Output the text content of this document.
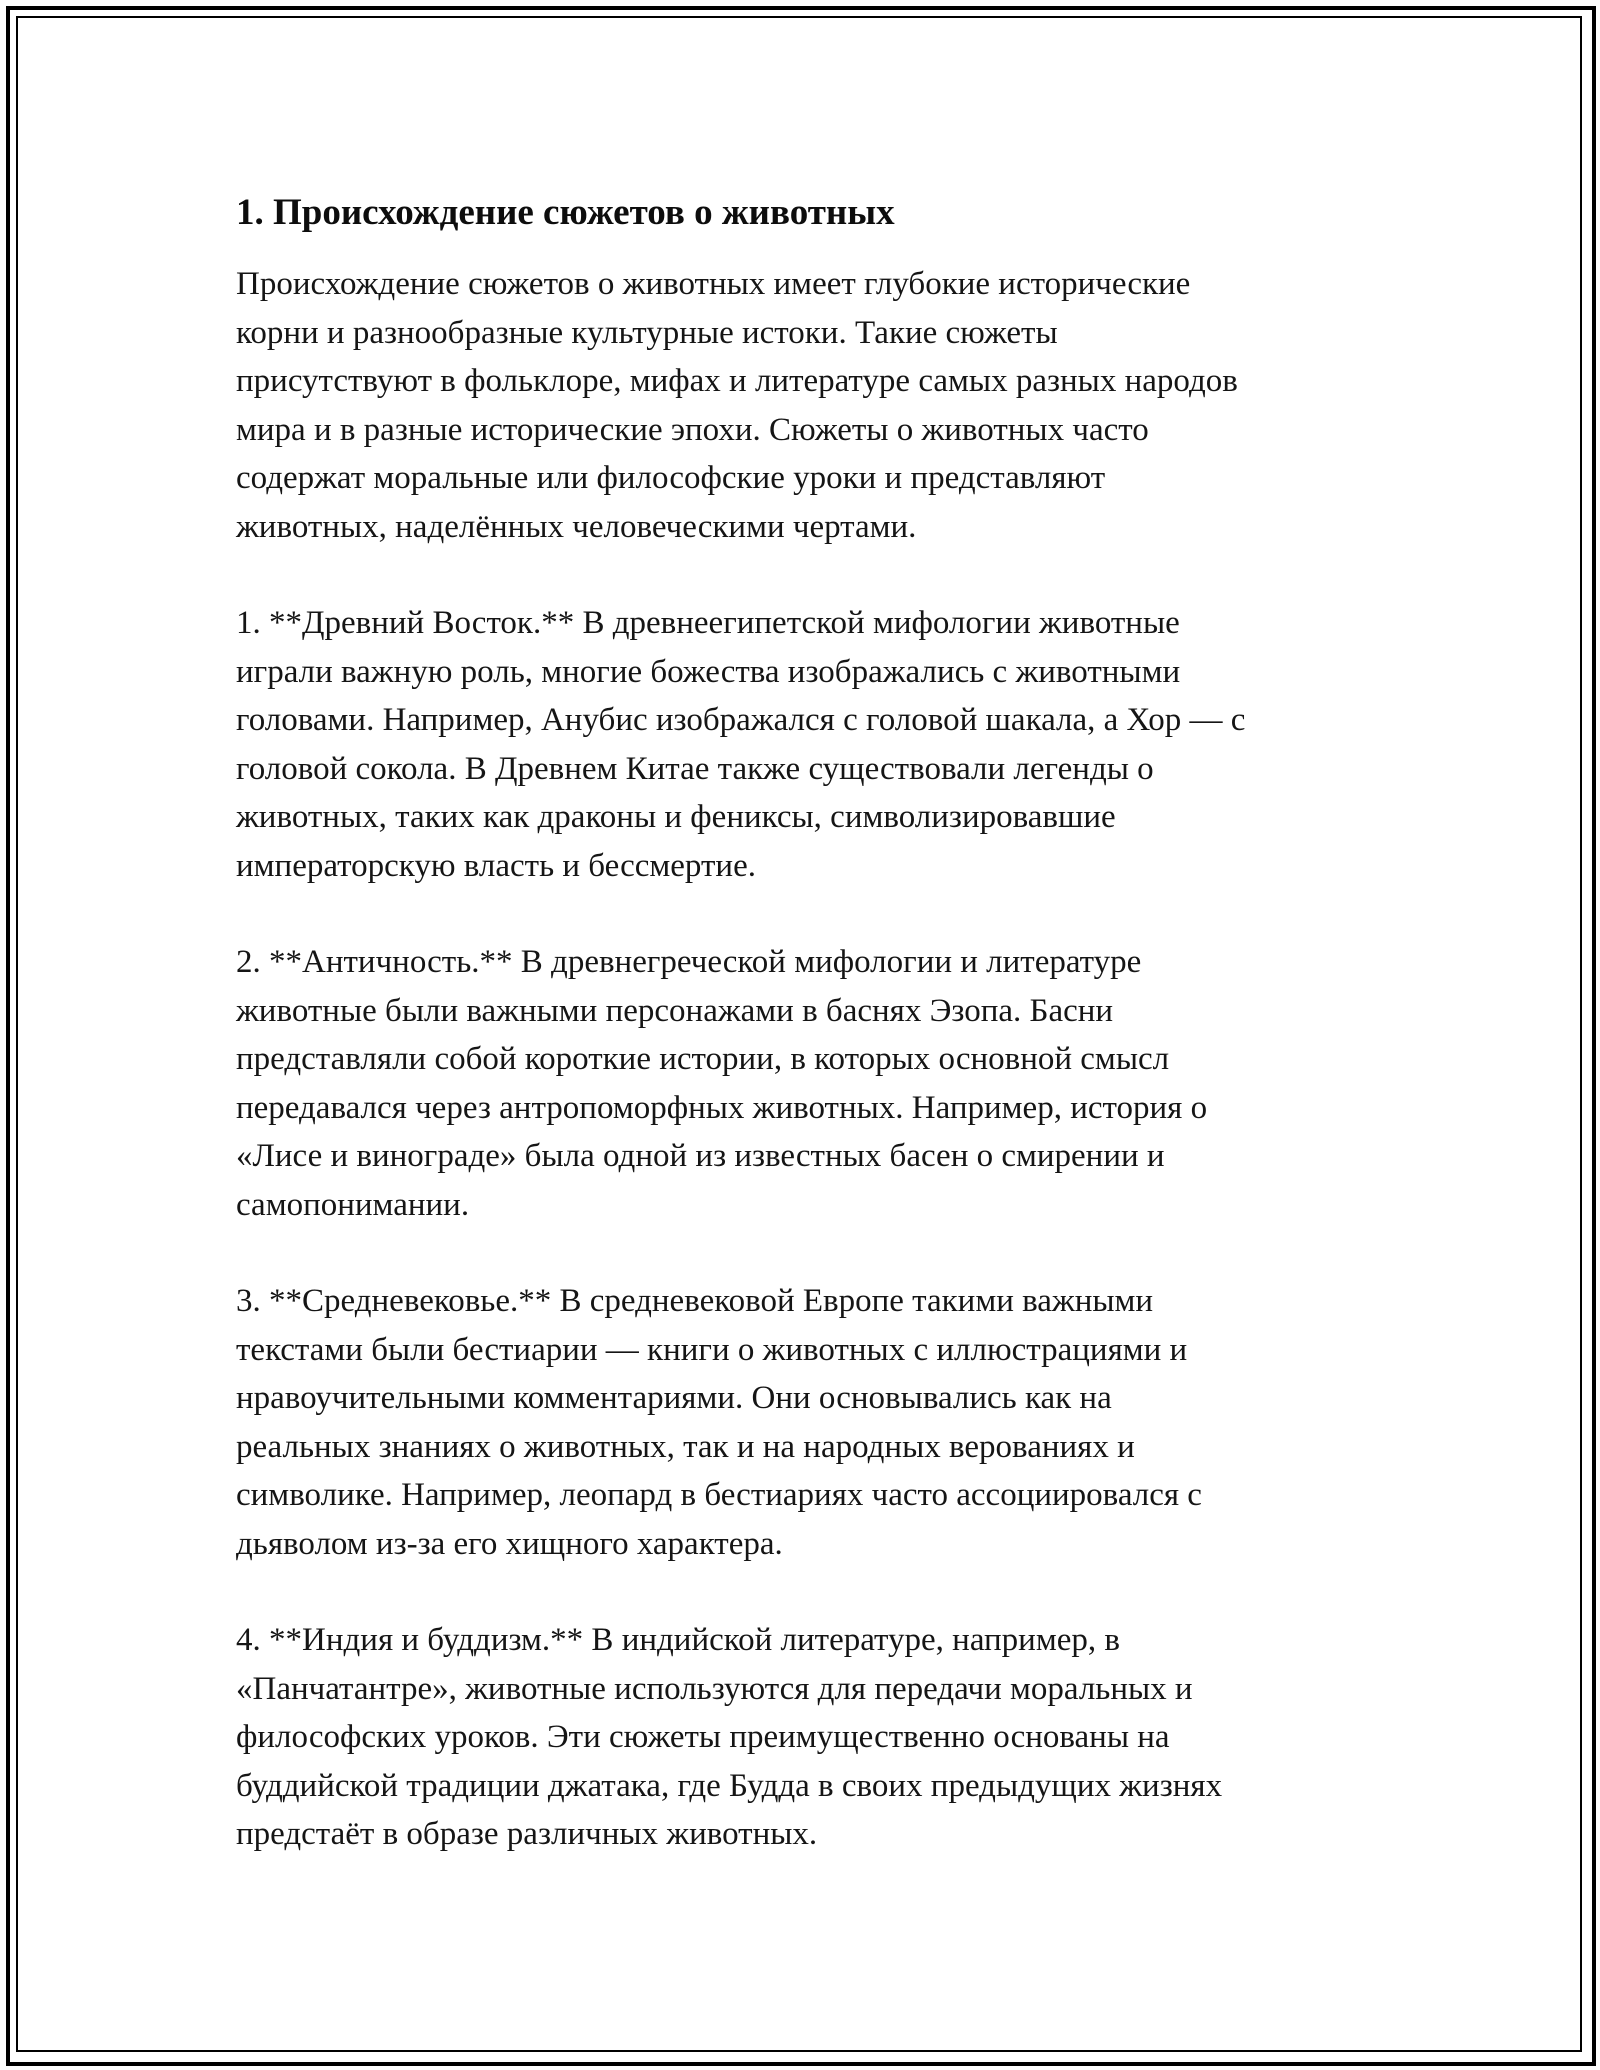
1. Происхождение сюжетов о животных

Происхождение сюжетов о животных имеет глубокие исторические
корни и разнообразные культурные истоки. Такие сюжеты
присутствуют в фольклоре, мифах и литературе самых разных народов
мира и в разные исторические эпохи. Сюжеты о животных часто
содержат моральные или философские уроки и представляют
животных, наделённых человеческими чертами.

1. **Древний Восток.** В древнеегипетской мифологии животные
играли важную роль, многие божества изображались с животными
головами. Например, Анубис изображался с головой шакала, а Хор — с
головой сокола. В Древнем Китае также существовали легенды о
животных, таких как драконы и фениксы, символизировавшие
императорскую власть и бессмертие.

2. **Античность.** В древнегреческой мифологии и литературе
животные были важными персонажами в баснях Эзопа. Басни
представляли собой короткие истории, в которых основной смысл
передавался через антропоморфных животных. Например, история о
«Лисе и винограде» была одной из известных басен о смирении и
самопонимании.

3. **Средневековье.** В средневековой Европе такими важными
текстами были бестиарии — книги о животных с иллюстрациями и
нравоучительными комментариями. Они основывались как на
реальных знаниях о животных, так и на народных верованиях и
символике. Например, леопард в бестиариях часто ассоциировался с
дьяволом из-за его хищного характера.

4. **Индия и буддизм.** В индийской литературе, например, в
«Панчатантре», животные используются для передачи моральных и
философских уроков. Эти сюжеты преимущественно основаны на
буддийской традиции джатака, где Будда в своих предыдущих жизнях
предстаёт в образе различных животных.
